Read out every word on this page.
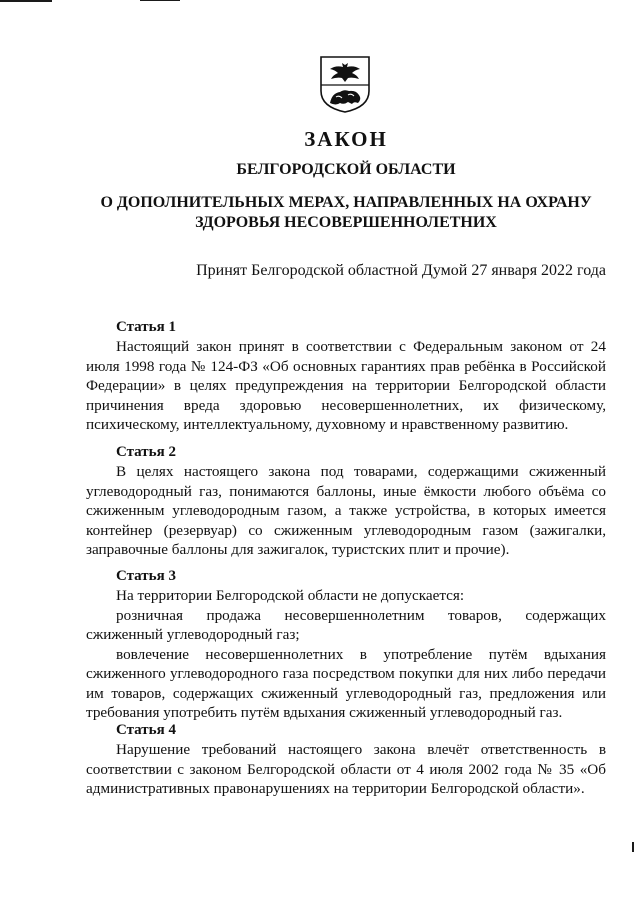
ЗАКОН
БЕЛГОРОДСКОЙ ОБЛАСТИ
О ДОПОЛНИТЕЛЬНЫХ МЕРАХ, НАПРАВЛЕННЫХ НА ОХРАНУ
ЗДОРОВЬЯ НЕСОВЕРШЕННОЛЕТНИХ
Принят Белгородской областной Думой 27 января 2022 года
Статья 1

Настоящий закон принят в соответствии с Федеральным законом от 24 июля 1998 года № 124-ФЗ «Об основных гарантиях прав ребёнка в Российской Федерации» в целях предупреждения на территории Белгородской области причинения вреда здоровью несовершеннолетних, их физическому, психическому, интеллектуальному, духовному и нравственному развитию.

Статья 2

В целях настоящего закона под товарами, содержащими сжиженный углеводородный газ, понимаются баллоны, иные ёмкости любого объёма со сжиженным углеводородным газом, а также устройства, в которых имеется контейнер (резервуар) со сжиженным углеводородным газом (зажигалки, заправочные баллоны для зажигалок, туристских плит и прочие).

Статья 3

На территории Белгородской области не допускается:

розничная продажа несовершеннолетним товаров, содержащих сжиженный углеводородный газ;

вовлечение несовершеннолетних в употребление путём вдыхания сжиженного углеводородного газа посредством покупки для них либо передачи им товаров, содержащих сжиженный углеводородный газ, предложения или требования употребить путём вдыхания сжиженный углеводородный газ.

Статья 4

Нарушение требований настоящего закона влечёт ответственность в соответствии с законом Белгородской области от 4 июля 2002 года № 35 «Об административных правонарушениях на территории Белгородской области».
